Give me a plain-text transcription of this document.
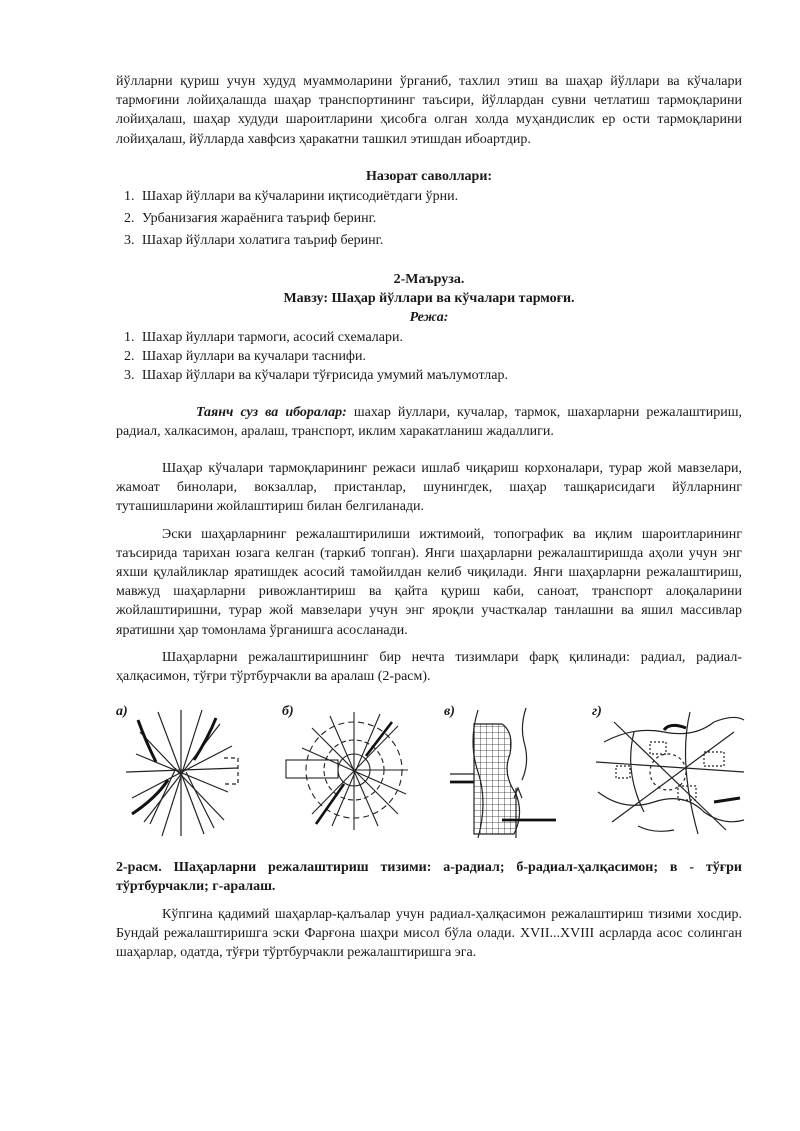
йўлларни қуриш учун худуд муаммоларини ўрганиб, тахлил этиш ва шаҳар йўллари ва кўчалари тармоғини лойиҳалашда шаҳар транспортининг таъсири, йўллардан сувни четлатиш тармоқларини лойиҳалаш, шаҳар худуди шароитларини ҳисобга олган холда муҳандислик ер ости тармоқларини лойиҳалаш, йўлларда хавфсиз ҳаракатни ташкил этишдан ибоартдир.

Назорат саволлари:

1. Шахар йўллари ва кўчаларини иқтисодиётдаги ўрни.
2. Урбанизағия жараёнига таъриф беринг.
3. Шахар йўллари холатига таъриф беринг.

2-Маъруза.

Мавзу: Шаҳар йўллари ва кўчалари тармоғи.

Режа:

1. Шахар йуллари тармоги, асосий схемалари.
2. Шахар йуллари ва кучалари таснифи.
3. Шахар йўллари ва кўчалари тўғрисида умумий маълумотлар.

Таянч суз ва иборалар: шахар йуллари, кучалар, тармок, шахарларни режалаштириш, радиал, халкасимон, аралаш, транспорт, иклим харакатланиш жадаллиги.

Шаҳар кўчалари тармоқларининг режаси ишлаб чиқариш корхоналари, турар жой мавзелари, жамоат бинолари, вокзаллар, пристанлар, шунингдек, шаҳар ташқарисидаги йўлларнинг туташишларини жойлаштириш билан белгиланади.

Эски шаҳарларнинг режалаштирилиши ижтимоий, топографик ва иқлим шароитларининг таъсирида тарихан юзага келган (таркиб топган). Янги шаҳарларни режалаштиришда аҳоли учун энг яхши қулайликлар яратишдек асосий тамойилдан келиб чиқилади. Янги шаҳарларни режалаштириш, мавжуд шаҳарларни ривожлантириш ва қайта қуриш каби, саноат, транспорт алоқаларини жойлаштиришни, турар жой мавзелари учун энг яроқли участкалар танлашни ва яшил массивлар яратишни ҳар томонлама ўрганишга асосланади.

Шаҳарларни режалаштиришнинг бир нечта тизимлари фарқ қилинади: радиал, радиал-ҳалқасимон, тўғри тўртбурчакли ва аралаш (2-расм).

а)	б)	в)	г)

2-расм. Шаҳарларни режалаштириш тизими: а-радиал; б-радиал-ҳалқасимон; в - тўғри тўртбурчакли; г-аралаш.

Кўпгина қадимий шаҳарлар-қалъалар учун радиал-ҳалқасимон режалаштириш тизими хосдир. Бундай режалаштиришга эски Фарғона шаҳри мисол бўла олади. XVII...XVIII асрларда асос солинган шаҳарлар, одатда, тўғри тўртбурчакли режалаштиришга эга.
